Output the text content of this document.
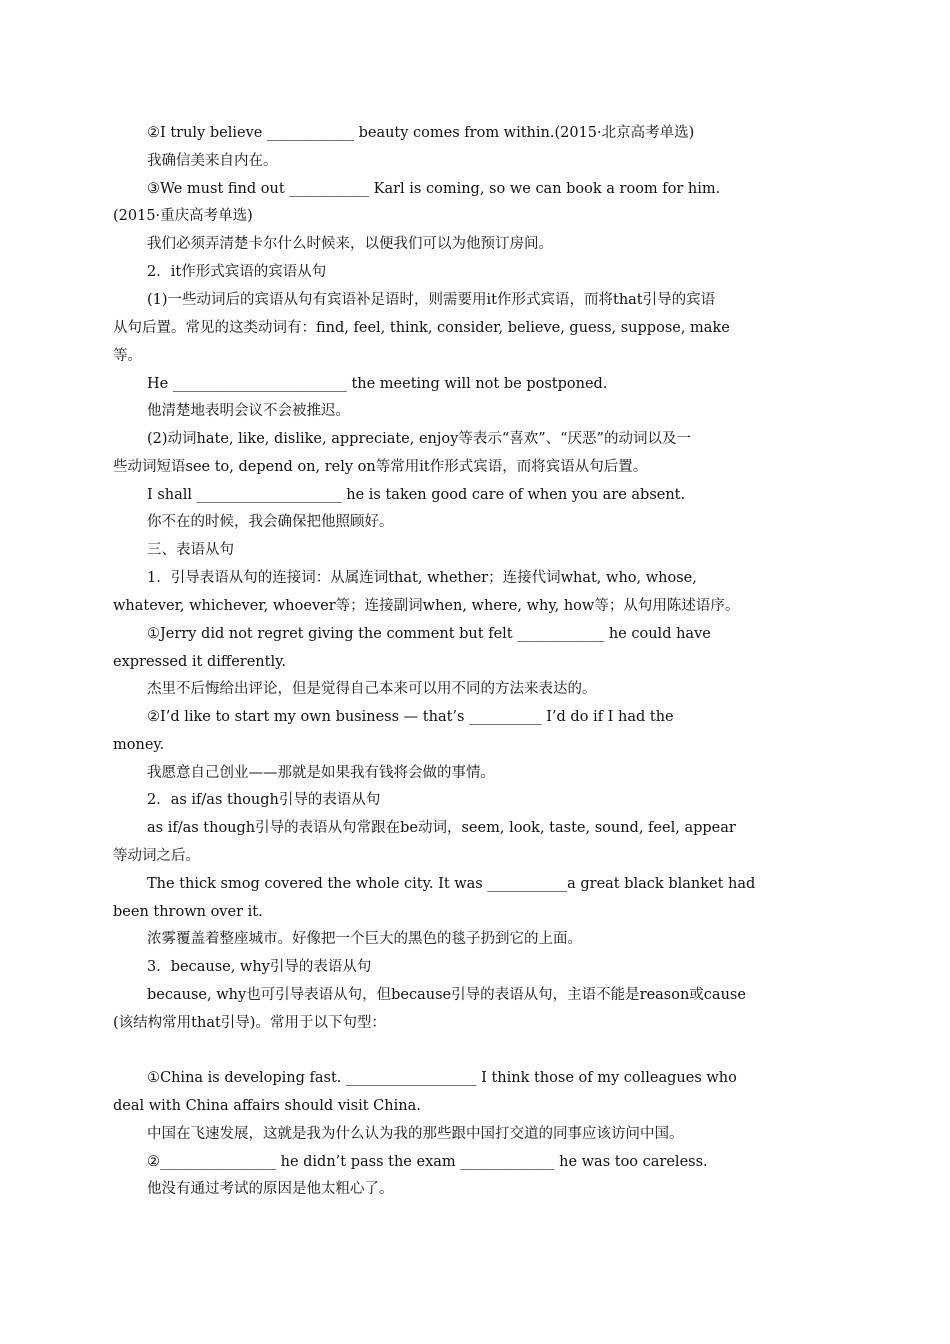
②I truly believe ____________ beauty comes from within.(2015·北京高考单选)
我确信美来自内在。
③We must find out ___________ Karl is coming, so we can book a room for him.
(2015·重庆高考单选)
我们必须弄清楚卡尔什么时候来，以便我们可以为他预订房间。
2．it作形式宾语的宾语从句
(1)一些动词后的宾语从句有宾语补足语时，则需要用it作形式宾语，而将that引导的宾语
从句后置。常见的这类动词有：find, feel, think, consider, believe, guess, suppose, make
等。
He ________________________ the meeting will not be postponed.
他清楚地表明会议不会被推迟。
(2)动词hate, like, dislike, appreciate, enjoy等表示“喜欢”、“厌恶”的动词以及一
些动词短语see to, depend on, rely on等常用it作形式宾语，而将宾语从句后置。
I shall ____________________ he is taken good care of when you are absent.
你不在的时候，我会确保把他照顾好。
三、表语从句
1．引导表语从句的连接词：从属连词that, whether；连接代词what, who, whose,
whatever, whichever, whoever等；连接副词when, where, why, how等；从句用陈述语序。
①Jerry did not regret giving the comment but felt ____________ he could have
expressed it differently.
杰里不后悔给出评论，但是觉得自己本来可以用不同的方法来表达的。
②I’d like to start my own business — that’s __________ I’d do if I had the
money.
我愿意自己创业——那就是如果我有钱将会做的事情。
2．as if/as though引导的表语从句
as if/as though引导的表语从句常跟在be动词，seem, look, taste, sound, feel, appear
等动词之后。
The thick smog covered the whole city. It was ___________a great black blanket had
been thrown over it.
浓雾覆盖着整座城市。好像把一个巨大的黑色的毯子扔到它的上面。
3．because, why引导的表语从句
because, why也可引导表语从句，但because引导的表语从句，主语不能是reason或cause
(该结构常用that引导)。常用于以下句型：
①China is developing fast. __________________ I think those of my colleagues who
deal with China affairs should visit China.
中国在飞速发展，这就是我为什么认为我的那些跟中国打交道的同事应该访问中国。
②________________ he didn’t pass the exam _____________ he was too careless.
他没有通过考试的原因是他太粗心了。
